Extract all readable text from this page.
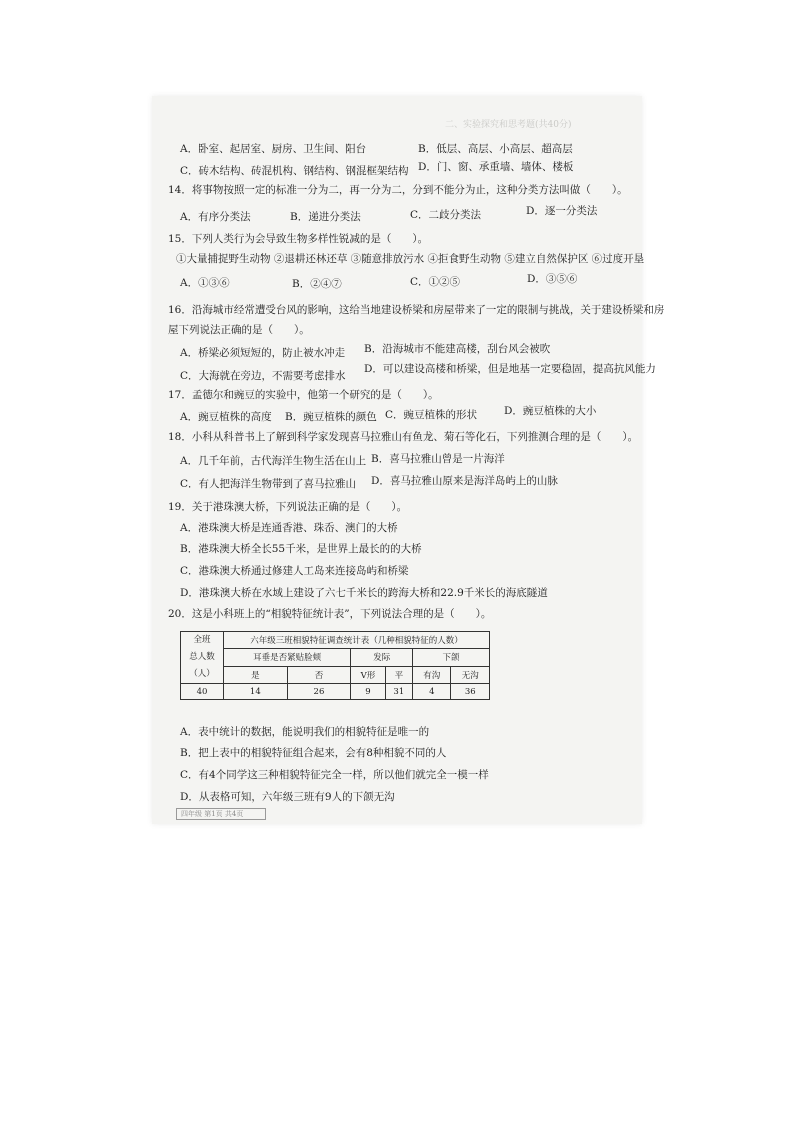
二、实验探究和思考题(共40分)
A．卧室、起居室、厨房、卫生间、阳台	B．低层、高层、小高层、超高层
C．砖木结构、砖混机构、钢结构、钢混框架结构 D．门、窗、承重墙、墙体、楼板
14．将事物按照一定的标准一分为二，再一分为二，分到不能分为止，这种分类方法叫做（　　）。
A．有序分类法	B．递进分类法	C．二歧分类法	D．逐一分类法
15．下列人类行为会导致生物多样性锐减的是（　　）。
①大量捕捉野生动物 ②退耕还林还草 ③随意排放污水 ④拒食野生动物 ⑤建立自然保护区 ⑥过度开垦
A．①③⑥	B．②④⑦	C．①②⑤	D．③⑤⑥
16．沿海城市经常遭受台风的影响，这给当地建设桥梁和房屋带来了一定的限制与挑战，关于建设桥梁和房
屋下列说法正确的是（　　）。
A．桥梁必须短短的，防止被水冲走 B．沿海城市不能建高楼，刮台风会被吹
C．大海就在旁边，不需要考虑排水
D．可以建设高楼和桥梁，但是地基一定要稳固，提高抗风能力
17．孟德尔和豌豆的实验中，他第一个研究的是（　　）。
A．豌豆植株的高度 B．豌豆植株的颜色 C．豌豆植株的形状	D．豌豆植株的大小
18．小科从科普书上了解到科学家发现喜马拉雅山有鱼龙、菊石等化石，下列推测合理的是（　　）。
A．几千年前，古代海洋生物生活在山上 B．喜马拉雅山曾是一片海洋
C．有人把海洋生物带到了喜马拉雅山 D．喜马拉雅山原来是海洋岛屿上的山脉
19．关于港珠澳大桥，下列说法正确的是（　　）。
A．港珠澳大桥是连通香港、珠岙、澳门的大桥
B．港珠澳大桥全长55千米，是世界上最长的的大桥
C．港珠澳大桥通过修建人工岛来连接岛屿和桥梁
D．港珠澳大桥在水域上建设了六七千米长的跨海大桥和22.9千米长的海底隧道
20．这是小科班上的“相貌特征统计表”，下列说法合理的是（　　）。
全班
总人数
（人）	六年级三班相貌特征调查统计表（几种相貌特征的人数）					
	耳垂是否紧贴脸颊		发际		下颌	
	是	否	V形	平	有沟	无沟
40	14	26	9	31	4	36
A．表中统计的数据，能说明我们的相貌特征是唯一的
B．把上表中的相貌特征组合起来，会有8种相貌不同的人
C．有4个同学这三种相貌特征完全一样，所以他们就完全一模一样
D．从表格可知，六年级三班有9人的下颌无沟
四年级 第1页 共4页
